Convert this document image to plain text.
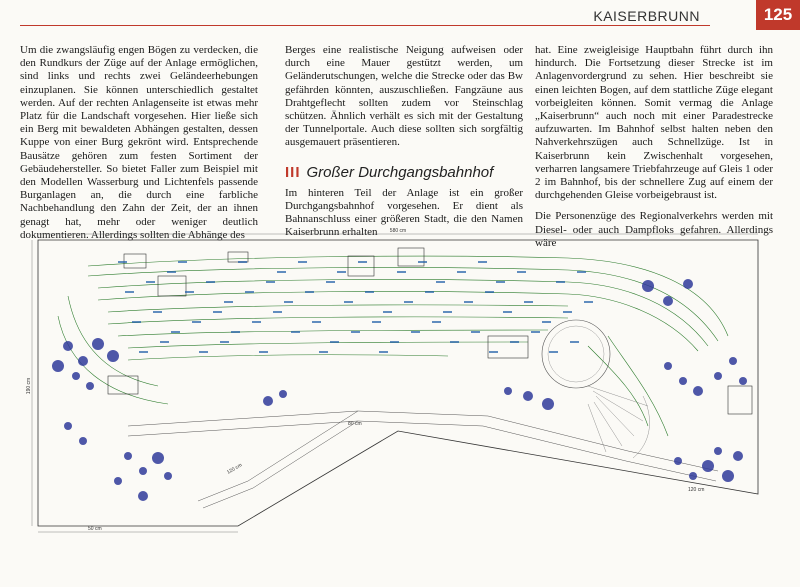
KAISERBRUNN	125

Um die zwangsläufig engen Bögen zu verdecken, die den Rundkurs der Züge auf der Anlage ermöglichen, sind links und rechts zwei Geländeerhebungen einzuplanen. Sie können unterschiedlich gestaltet werden. Auf der rechten Anlagenseite ist etwas mehr Platz für die Landschaft vorgesehen. Hier ließe sich ein Berg mit bewaldeten Abhängen gestalten, dessen Kuppe von einer Burg gekrönt wird. Entsprechende Bausätze gehören zum festen Sortiment der Gebäudehersteller. So bietet Faller zum Beispiel mit den Modellen Wasserburg und Lichtenfels passende Burganlagen an, die durch eine farbliche Nachbehandlung den Zahn der Zeit, der an ihnen genagt hat, mehr oder weniger deutlich dokumentieren. Allerdings sollten die Abhänge des

Berges eine realistische Neigung aufweisen oder durch eine Mauer gestützt werden, um Geländerutschungen, welche die Strecke oder das Bw gefährden könnten, auszuschließen. Fangzäune aus Drahtgeflecht sollten zudem vor Steinschlag schützen. Ähnlich verhält es sich mit der Gestaltung der Tunnelportale. Auch diese sollten sich sorgfältig ausgemauert präsentieren.

III Großer Durchgangsbahnhof

Im hinteren Teil der Anlage ist ein großer Durchgangsbahnhof vorgesehen. Er dient als Bahnanschluss einer größeren Stadt, die den Namen Kaiserbrunn erhalten

hat. Eine zweigleisige Hauptbahn führt durch ihn hindurch. Die Fortsetzung dieser Strecke ist im Anlagenvordergrund zu sehen. Hier beschreibt sie einen leichten Bogen, auf dem stattliche Züge elegant vorbeigleiten können. Somit vermag die Anlage „Kaiserbrunn“ auch noch mit einer Paradestrecke aufzuwarten. Im Bahnhof selbst halten neben den Nahverkehrszügen auch Schnellzüge. Ist in Kaiserbrunn kein Zwischenhalt vorgesehen, verharren langsamere Triebfahrzeuge auf Gleis 1 oder 2 im Bahnhof, bis der schnellere Zug auf einem der durchgehenden Gleise vorbeigebraust ist.

Die Personenzüge des Regionalverkehrs werden mit Diesel- oder auch Dampfloks gefahren. Allerdings wäre

580 cm
190 cm
50 cm
80 cm
120 cm
120 cm
